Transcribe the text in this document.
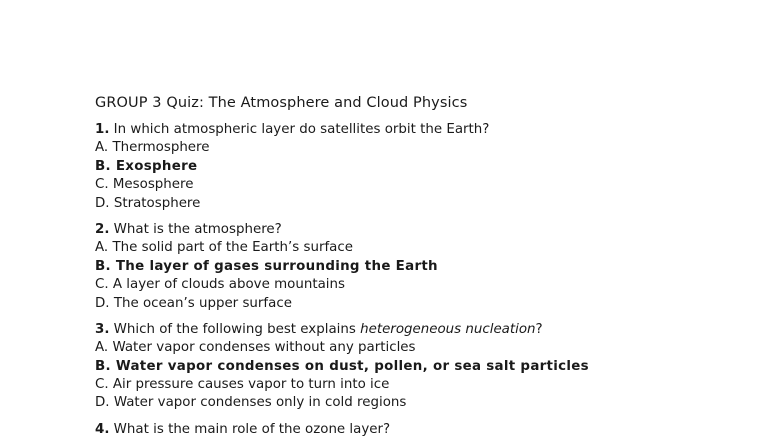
GROUP 3 Quiz: The Atmosphere and Cloud Physics
1. In which atmospheric layer do satellites orbit the Earth?
A. Thermosphere
B. Exosphere
C. Mesosphere
D. Stratosphere
2. What is the atmosphere?
A. The solid part of the Earth’s surface
B. The layer of gases surrounding the Earth
C. A layer of clouds above mountains
D. The ocean’s upper surface
3. Which of the following best explains heterogeneous nucleation?
A. Water vapor condenses without any particles
B. Water vapor condenses on dust, pollen, or sea salt particles
C. Air pressure causes vapor to turn into ice
D. Water vapor condenses only in cold regions
4. What is the main role of the ozone layer?
